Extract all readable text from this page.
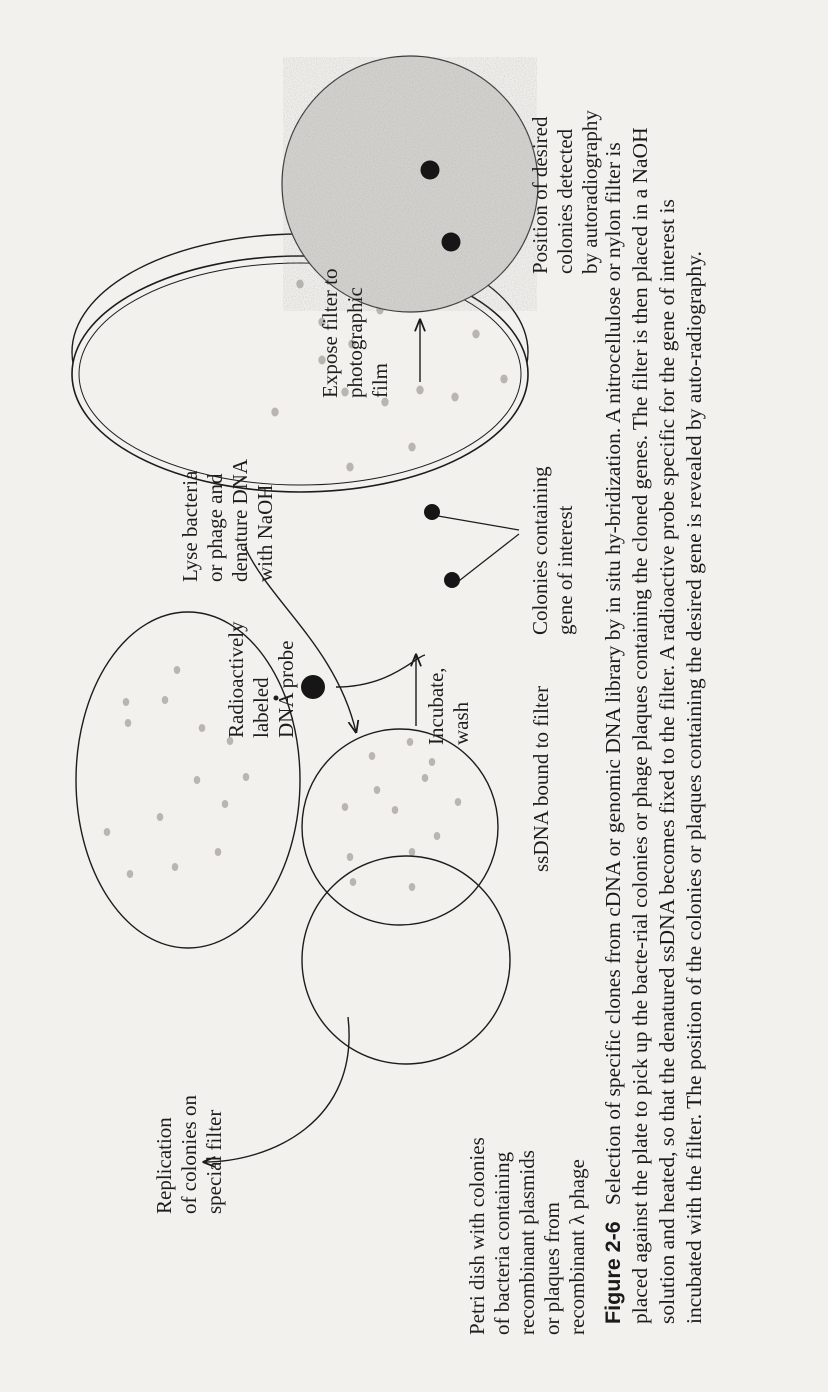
Replication
of colonies on
special filter
Petri dish with colonies
of bacteria containing
recombinant plasmids
or plaques from
recombinant λ phage
Lyse bacteria
or phage and
denature DNA
with NaOH
ssDNA bound to filter
Radioactively
labeled
DNA probe
Incubate,
wash
Colonies containing
gene of interest
Expose filter to
photographic
film
Position of desired
colonies detected
by autoradiography
Figure 2-6   Selection of specific clones from cDNA or genomic DNA library by in situ hy-bridization. A nitrocellulose or nylon filter is placed against the plate to pick up the bacte-rial colonies or phage plaques containing the cloned genes. The filter is then placed in a NaOH solution and heated, so that the denatured ssDNA becomes fixed to the filter. A radioactive probe specific for the gene of interest is incubated with the filter. The position of the colonies or plaques containing the desired gene is revealed by auto-radiography.
